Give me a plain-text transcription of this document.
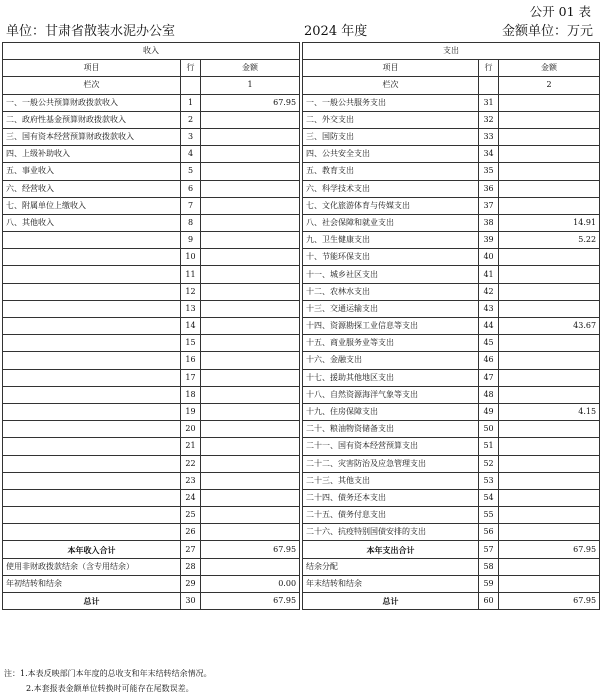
公开 01 表
单位：甘肃省散装水泥办公室	2024 年度	金额单位：万元
收入				支出		
项目	行	金额		项目	行	金额
栏次		1		栏次		2
一、一般公共预算财政拨款收入	1	67.95		一、一般公共服务支出	31	
二、政府性基金预算财政拨款收入	2			二、外交支出	32	
三、国有资本经营预算财政拨款收入	3			三、国防支出	33	
四、上级补助收入	4			四、公共安全支出	34	
五、事业收入	5			五、教育支出	35	
六、经营收入	6			六、科学技术支出	36	
七、附属单位上缴收入	7			七、文化旅游体育与传媒支出	37	
八、其他收入	8			八、社会保障和就业支出	38	14.91
	9			九、卫生健康支出	39	5.22
	10			十、节能环保支出	40	
	11			十一、城乡社区支出	41	
	12			十二、农林水支出	42	
	13			十三、交通运输支出	43	
	14			十四、资源勘探工业信息等支出	44	43.67
	15			十五、商业服务业等支出	45	
	16			十六、金融支出	46	
	17			十七、援助其他地区支出	47	
	18			十八、自然资源海洋气象等支出	48	
	19			十九、住房保障支出	49	4.15
	20			二十、粮油物资储备支出	50	
	21			二十一、国有资本经营预算支出	51	
	22			二十二、灾害防治及应急管理支出	52	
	23			二十三、其他支出	53	
	24			二十四、债务还本支出	54	
	25			二十五、债务付息支出	55	
	26			二十六、抗疫特别国债安排的支出	56	
本年收入合计	27	67.95		本年支出合计	57	67.95
使用非财政拨款结余（含专用结余）	28			结余分配	58	
年初结转和结余	29	0.00		年末结转和结余	59	
总计	30	67.95		总计	60	67.95
注：1.本表反映部门本年度的总收支和年末结转结余情况。
2.本套报表金额单位转换时可能存在尾数误差。
